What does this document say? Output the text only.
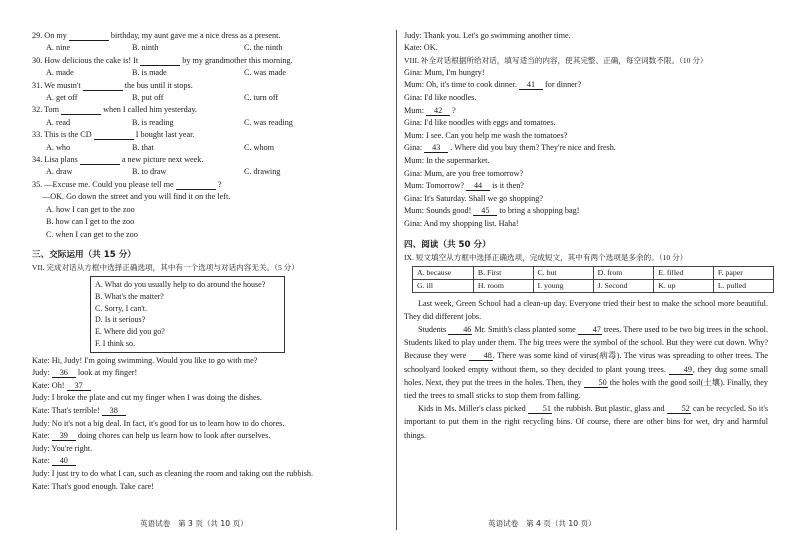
29. On my	birthday, my aunt gave me a nice dress as a present.
A. nine	B. ninth	C. the ninth
30. How delicious the cake is! It	by my grandmother this morning.
A. made	B. is made	C. was made
31. We mustn't	the bus until it stops.
A. get off	B. put off	C. turn off
32. Tom	when I called him yesterday.
A. read	B. is reading	C. was reading
33. This is the CD	I bought last year.
A. who	B. that	C. whom
34. Lisa plans	a new picture next week.
A. draw	B. to draw	C. drawing
35. —Excuse me. Could you please tell me	?
—OK. Go down the street and you will find it on the left.
A. how I can get to the zoo
B. how can I get to the zoo
C. when I can get to the zoo
三、交际运用（共 15 分）
VII. 完成对话从方框中选择正确选项，其中有一个选项与对话内容无关。（5 分）
A. What do you usually help to do around the house?
B. What's the matter?
C. Sorry, I can't.
D. Is it serious?
E. Where did you go?
F. I think so.
Kate: Hi, Judy! I'm going swimming. Would you like to go with me?
Judy: 36 look at my finger!
Kate: Oh! 37
Judy: I broke the plate and cut my finger when I was doing the dishes.
Kate: That's terrible! 38
Judy: No it's not a big deal. In fact, it's good for us to learn how to do chores.
Kate: 39 doing chores can help us learn how to look after ourselves.
Judy: You're right.
Kate: 40
Judy: I just try to do what I can, such as cleaning the room and taking out the rubbish.
Kate: That's good enough. Take care!
Judy: Thank you. Let's go swimming another time.
Kate: OK.
VIII. 补全对话根据所给对话，填写适当的内容，使其完整、正确，每空词数不限。（10 分）
Gina: Mum, I'm hungry!
Mum: Oh, it's time to cook dinner. 41 for dinner?
Gina: I'd like noodles.
Mum: 42 ?
Gina: I'd like noodles with eggs and tomatoes.
Mum: I see. Can you help me wash the tomatoes?
Gina: 43 . Where did you buy them? They're nice and fresh.
Mum: In the supermarket.
Gina: Mum, are you free tomorrow?
Mum: Tomorrow? 44 is it then?
Gina: It's Saturday. Shall we go shopping?
Mum: Sounds good! 45 to bring a shopping bag!
Gina: And my shopping list. Haha!
四、阅读（共 50 分）
IX. 短文填空从方框中选择正确选项，完成短文，其中有两个选项是多余的。（10 分）
A. because	B. First	C. but	D. from	E. filled	F. paper
G. ill	H. room	I. young	J. Second	K. up	L. pulled

Last week, Green School had a clean-up day. Everyone tried their best to make the school more beautiful. They did different jobs.

Students 46 Mr. Smith's class planted some 47 trees. There used to be two big trees in the school. Students liked to play under them. The big trees were the symbol of the school. But they were cut down. Why? Because they were 48. There was some kind of virus(病毒). The virus was spreading to other trees. The schoolyard looked empty without them, so they decided to plant young trees. 49, they dug some small holes. Next, they put the trees in the holes. Then, they 50 the holes with the good soil(土壤). Finally, they tied the trees to small sticks to stop them from falling.

Kids in Ms. Miller's class picked 51 the rubbish. But plastic, glass and 52 can be recycled. So it's important to put them in the right recycling bins. Of course, there are other bins for wet, dry and harmful things.

英语试卷　第 3 页（共 10 页）	英语试卷　第 4 页（共 10 页）
